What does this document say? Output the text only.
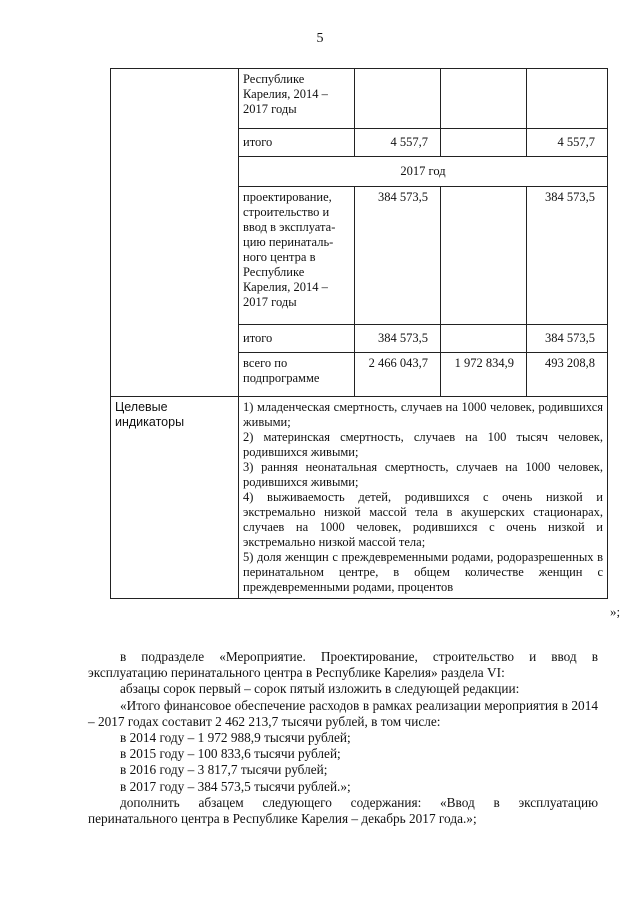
5
	Республике Карелия, 2014 – 2017 годы			
	итого	4 557,7		4 557,7
	2017 год			
	проектирование, строительство и ввод в эксплуата-цию перинаталь-ного центра в Республике Карелия, 2014 – 2017 годы	384 573,5		384 573,5
	итого	384 573,5		384 573,5
	всего по подпрограмме	2 466 043,7	1 972 834,9	493 208,8
Целевые индикаторы	1) младенческая смертность, случаев на 1000 человек, родившихся живыми;

2) материнская смертность, случаев на 100 тысяч человек, родившихся живыми;

3) ранняя неонатальная смертность, случаев на 1000 человек, родившихся живыми;

4) выживаемость детей, родившихся с очень низкой и экстремально низкой массой тела в акушерских стационарах, случаев на 1000 человек, родившихся с очень низкой и экстремально низкой массой тела;

5) доля женщин с преждевременными родами, родоразрешенных в перинатальном центре, в общем количестве женщин с преждевременными родами, процентов			

»;

в подразделе «Мероприятие. Проектирование, строительство и ввод в эксплуатацию перинатального центра в Республике Карелия» раздела VI:

абзацы сорок первый – сорок пятый изложить в следующей редакции:

«Итого финансовое обеспечение расходов в рамках реализации мероприятия в 2014 – 2017 годах составит 2 462 213,7 тысячи рублей, в том числе:

в 2014 году – 1 972 988,9 тысячи рублей;

в 2015 году – 100 833,6 тысячи рублей;

в 2016 году – 3 817,7 тысячи рублей;

в 2017 году – 384 573,5 тысячи рублей.»;

дополнить абзацем следующего содержания: «Ввод в эксплуатацию перинатального центра в Республике Карелия – декабрь 2017 года.»;
